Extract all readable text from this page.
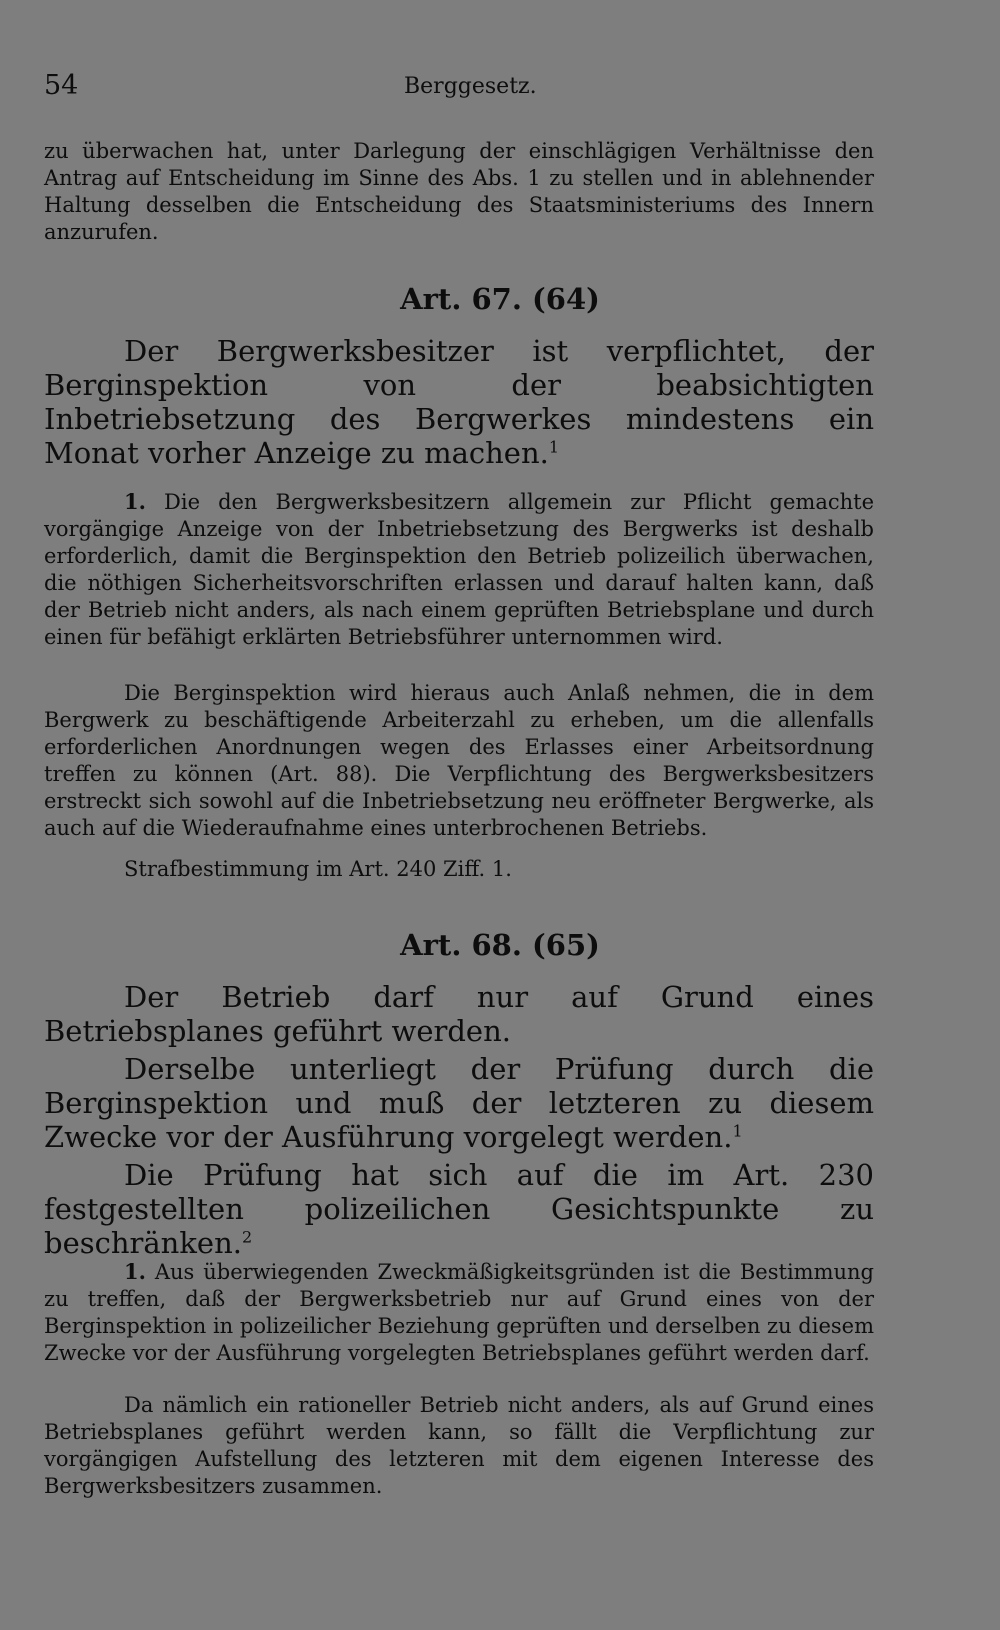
54	Berggesetz.

zu überwachen hat, unter Darlegung der einschlägigen Verhältnisse den Antrag auf Entscheidung im Sinne des Abs. 1 zu stellen und in ablehnender Haltung desselben die Entscheidung des Staatsministeriums des Innern anzurufen.

Art. 67. (64)

Der Bergwerksbesitzer ist verpflichtet, der Berginspektion von der beabsichtigten Inbetriebsetzung des Bergwerkes mindestens ein Monat vorher Anzeige zu machen.$^1$

1. Die den Bergwerksbesitzern allgemein zur Pflicht gemachte vorgängige Anzeige von der Inbetriebsetzung des Bergwerks ist deshalb erforderlich, damit die Berginspektion den Betrieb polizeilich überwachen, die nöthigen Sicherheitsvorschriften erlassen und darauf halten kann, daß der Betrieb nicht anders, als nach einem geprüften Betriebsplane und durch einen für befähigt erklärten Betriebsführer unternommen wird.

Die Berginspektion wird hieraus auch Anlaß nehmen, die in dem Bergwerk zu beschäftigende Arbeiterzahl zu erheben, um die allenfalls erforderlichen Anordnungen wegen des Erlasses einer Arbeitsordnung treffen zu können (Art. 88). Die Verpflichtung des Bergwerksbesitzers erstreckt sich sowohl auf die Inbetriebsetzung neu eröffneter Bergwerke, als auch auf die Wiederaufnahme eines unterbrochenen Betriebs.

Strafbestimmung im Art. 240 Ziff. 1.

Art. 68. (65)

Der Betrieb darf nur auf Grund eines Betriebsplanes geführt werden.

Derselbe unterliegt der Prüfung durch die Berginspektion und muß der letzteren zu diesem Zwecke vor der Ausführung vorgelegt werden.$^1$

Die Prüfung hat sich auf die im Art. 230 festgestellten polizeilichen Gesichtspunkte zu beschränken.$^2$

1. Aus überwiegenden Zweckmäßigkeitsgründen ist die Bestimmung zu treffen, daß der Bergwerksbetrieb nur auf Grund eines von der Berginspektion in polizeilicher Beziehung geprüften und derselben zu diesem Zwecke vor der Ausführung vorgelegten Betriebsplanes geführt werden darf.

Da nämlich ein rationeller Betrieb nicht anders, als auf Grund eines Betriebsplanes geführt werden kann, so fällt die Verpflichtung zur vorgängigen Aufstellung des letzteren mit dem eigenen Interesse des Bergwerksbesitzers zusammen.
